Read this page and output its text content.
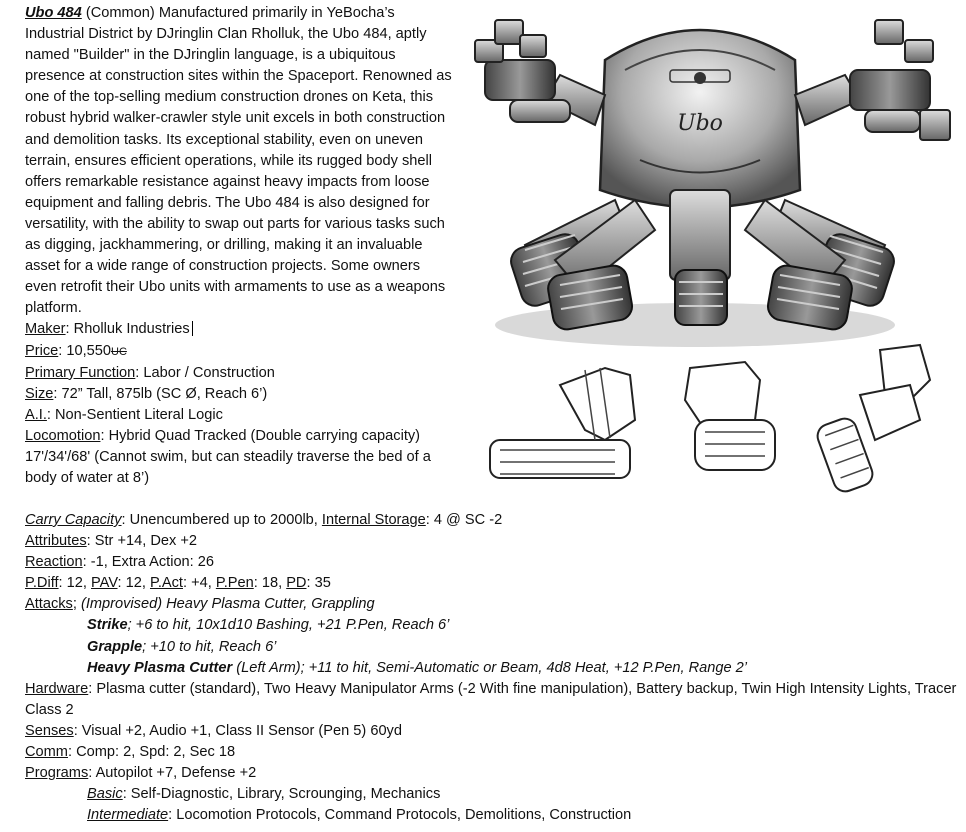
Ubo 484 (Common) Manufactured primarily in YeBocha’s Industrial District by DJringlin Clan Rholluk, the Ubo 484, aptly named "Builder" in the DJringlin language, is a ubiquitous presence at construction sites within the Spaceport. Renowned as one of the top-selling medium construction drones on Keta, this robust hybrid walker-crawler style unit excels in both construction and demolition tasks. Its exceptional stability, even on uneven terrain, ensures efficient operations, while its rugged body shell offers remarkable resistance against heavy impacts from loose equipment and falling debris. The Ubo 484 is also designed for versatility, with the ability to swap out parts for various tasks such as digging, jackhammering, or drilling, making it an invaluable asset for a wide range of construction projects. Some owners even retrofit their Ubo units with armaments to use as a weapons platform.
Maker: Rholluk Industries
Price: 10,550UC
Primary Function: Labor / Construction
Size: 72” Tall, 875lb (SC Ø, Reach 6’)
A.I.: Non-Sentient Literal Logic
Locomotion: Hybrid Quad Tracked (Double carrying capacity) 17'/34'/68' (Cannot swim, but can steadily traverse the bed of a body of water at 8’)
Carry Capacity: Unencumbered up to 2000lb, Internal Storage: 4 @ SC -2
Attributes: Str +14, Dex +2
Reaction: -1, Extra Action: 26
P.Diff: 12, PAV: 12, P.Act: +4, P.Pen: 18, PD: 35
Attacks; (Improvised) Heavy Plasma Cutter, Grappling
Strike; +6 to hit, 10x1d10 Bashing, +21 P.Pen, Reach 6’
Grapple; +10 to hit, Reach 6’
Heavy Plasma Cutter (Left Arm); +11 to hit, Semi-Automatic or Beam, 4d8 Heat, +12 P.Pen, Range 2’
Hardware: Plasma cutter (standard), Two Heavy Manipulator Arms (-2 With fine manipulation), Battery backup, Twin High Intensity Lights, Tracer Class 2
Senses: Visual +2, Audio +1, Class II Sensor (Pen 5) 60yd
Comm: Comp: 2, Spd: 2, Sec 18
Programs: Autopilot +7, Defense +2
Basic: Self-Diagnostic, Library, Scrounging, Mechanics
Intermediate: Locomotion Protocols, Command Protocols, Demolitions, Construction
Ubo
